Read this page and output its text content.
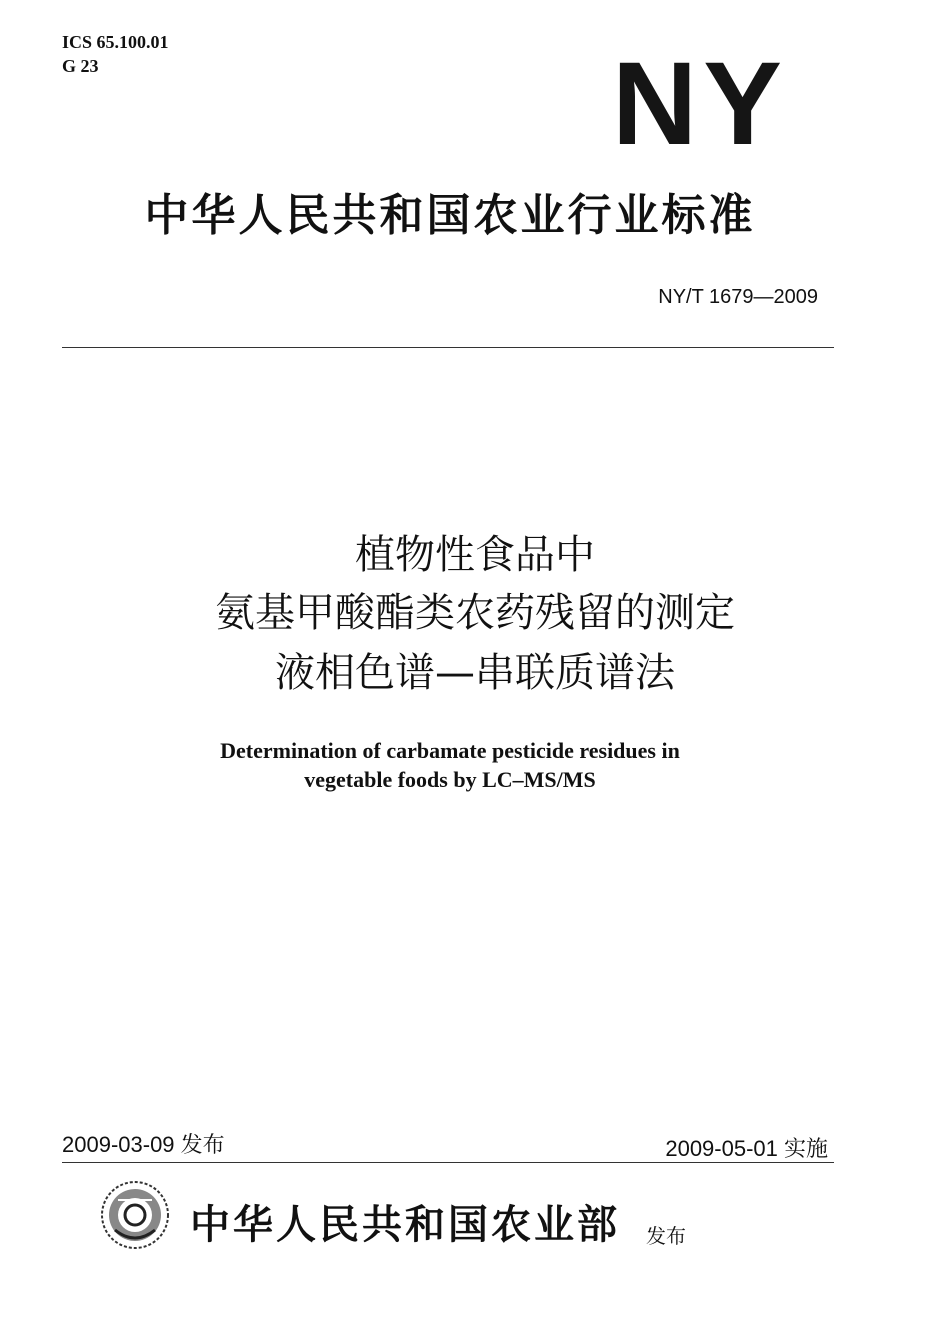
ICS 65.100.01
G 23	NY
中华人民共和国农业行业标准
NY/T 1679—2009
植物性食品中
氨基甲酸酯类农药残留的测定
液相色谱—串联质谱法
Determination of carbamate pesticide residues in
vegetable foods by LC–MS/MS
2009-03-09 发布	2009-05-01 实施
中华人民共和国农业部 发布
